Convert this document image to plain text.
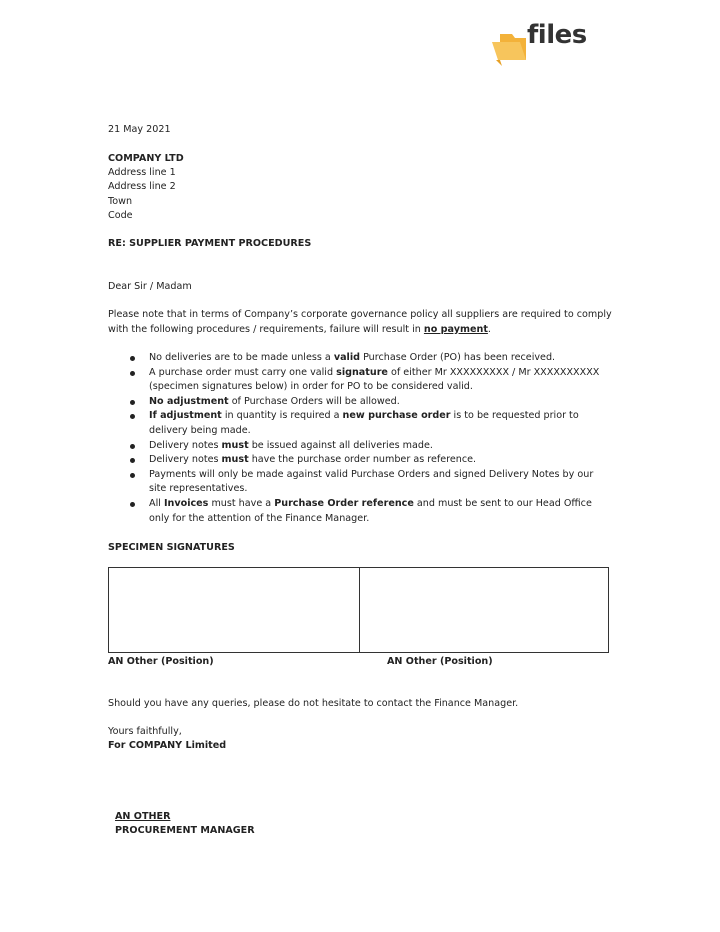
files
21 May 2021
COMPANY LTD
Address line 1
Address line 2
Town
Code
RE: SUPPLIER PAYMENT PROCEDURES
Dear Sir / Madam
Please note that in terms of Company’s corporate governance policy all suppliers are required to comply
with the following procedures / requirements, failure will result in no payment.
No deliveries are to be made unless a valid Purchase Order (PO) has been received.
A purchase order must carry one valid signature of either Mr XXXXXXXXX / Mr XXXXXXXXXX (specimen signatures below) in order for PO to be considered valid.
No adjustment of Purchase Orders will be allowed.
If adjustment in quantity is required a new purchase order is to be requested prior to delivery being made.
Delivery notes must be issued against all deliveries made.
Delivery notes must have the purchase order number as reference.
Payments will only be made against valid Purchase Orders and signed Delivery Notes by our site representatives.
All Invoices must have a Purchase Order reference and must be sent to our Head Office only for the attention of the Finance Manager.
SPECIMEN SIGNATURES
AN Other (Position)	AN Other (Position)
Should you have any queries, please do not hesitate to contact the Finance Manager.
Yours faithfully,
For COMPANY Limited
AN OTHER
PROCUREMENT MANAGER
